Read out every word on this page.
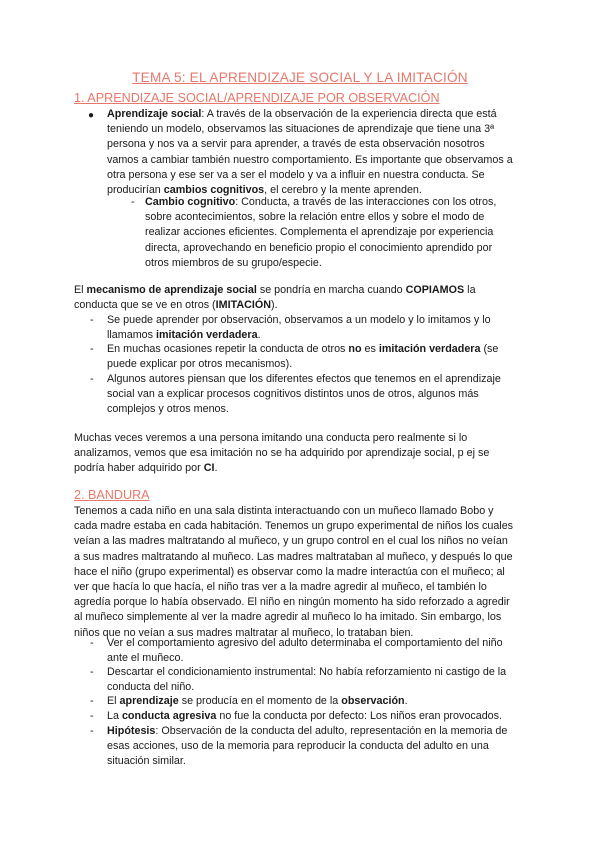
TEMA 5: EL APRENDIZAJE SOCIAL Y LA IMITACIÓN
1. APRENDIZAJE SOCIAL/APRENDIZAJE POR OBSERVACIÓN
● Aprendizaje social: A través de la observación de la experiencia directa que está
teniendo un modelo, observamos las situaciones de aprendizaje que tiene una 3ª
persona y nos va a servir para aprender, a través de esta observación nosotros
vamos a cambiar también nuestro comportamiento. Es importante que observamos a
otra persona y ese ser va a ser el modelo y va a influir en nuestra conducta. Se
producirían cambios cognitivos, el cerebro y la mente aprenden.
- Cambio cognitivo: Conducta, a través de las interacciones con los otros,
sobre acontecimientos, sobre la relación entre ellos y sobre el modo de
realizar acciones eficientes. Complementa el aprendizaje por experiencia
directa, aprovechando en beneficio propio el conocimiento aprendido por
otros miembros de su grupo/especie.
El mecanismo de aprendizaje social se pondría en marcha cuando COPIAMOS la
conducta que se ve en otros (IMITACIÓN).
- Se puede aprender por observación, observamos a un modelo y lo imitamos y lo
llamamos imitación verdadera.
- En muchas ocasiones repetir la conducta de otros no es imitación verdadera (se
puede explicar por otros mecanismos).
- Algunos autores piensan que los diferentes efectos que tenemos en el aprendizaje
social van a explicar procesos cognitivos distintos unos de otros, algunos más
complejos y otros menos.
Muchas veces veremos a una persona imitando una conducta pero realmente si lo
analizamos, vemos que esa imitación no se ha adquirido por aprendizaje social, p ej se
podría haber adquirido por CI.
2. BANDURA
Tenemos a cada niño en una sala distinta interactuando con un muñeco llamado Bobo y
cada madre estaba en cada habitación. Tenemos un grupo experimental de niños los cuales
veían a las madres maltratando al muñeco, y un grupo control en el cual los niños no veían
a sus madres maltratando al muñeco. Las madres maltrataban al muñeco, y después lo que
hace el niño (grupo experimental) es observar como la madre interactúa con el muñeco; al
ver que hacía lo que hacía, el niño tras ver a la madre agredir al muñeco, el también lo
agredía porque lo había observado. El niño en ningún momento ha sido reforzado a agredir
al muñeco simplemente al ver la madre agredir al muñeco lo ha imitado. Sin embargo, los
niños que no veían a sus madres maltratar al muñeco, lo trataban bien.
- Ver el comportamiento agresivo del adulto determinaba el comportamiento del niño
ante el muñeco.
- Descartar el condicionamiento instrumental: No había reforzamiento ni castigo de la
conducta del niño.
- El aprendizaje se producía en el momento de la observación.
- La conducta agresiva no fue la conducta por defecto: Los niños eran provocados.
- Hipótesis: Observación de la conducta del adulto, representación en la memoria de
esas acciones, uso de la memoria para reproducir la conducta del adulto en una
situación similar.
